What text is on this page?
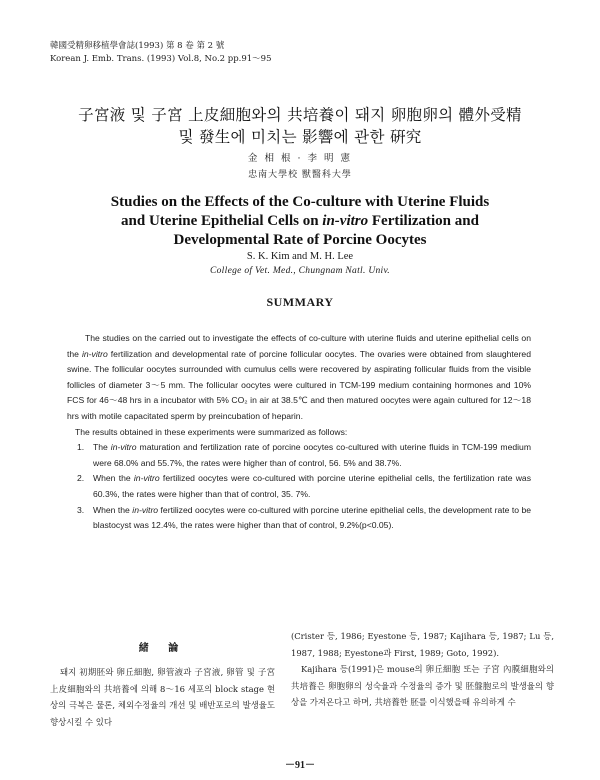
韓國受精卵移植學會誌(1993) 第 8 卷 第 2 號
Korean J. Emb. Trans. (1993) Vol.8, No.2 pp.91～95
子宮液 및 子宮 上皮細胞와의 共培養이 돼지 卵胞卵의 體外受精
및 發生에 미치는 影響에 관한 硏究
金 相 根 · 李 明 憲
忠南大學校 獸醫科大學
Studies on the Effects of the Co-culture with Uterine Fluids
and Uterine Epithelial Cells on in-vitro Fertilization and
Developmental Rate of Porcine Oocytes
S. K. Kim and M. H. Lee
College of Vet. Med., Chungnam Natl. Univ.
SUMMARY

The studies on the carried out to investigate the effects of co-culture with uterine fluids and uterine epithelial cells on the in-vitro fertilization and developmental rate of porcine follicular oocytes. The ovaries were obtained from slaughtered swine. The follicular oocytes surrounded with cumulus cells were recovered by aspirating follicular fluids from the visible follicles of diameter 3～5 mm. The follicular oocytes were cultured in TCM-199 medium containing hormones and 10% FCS for 46～48 hrs in a incubator with 5% CO₂ in air at 38.5℃ and then matured oocytes were again cultured for 12～18 hrs with motile capacitated sperm by preincubation of heparin.

The results obtained in these experiments were summarized as follows:

1. The in-vitro maturation and fertilization rate of porcine oocytes co-cultured with uterine fluids in TCM-199 medium were 68.0% and 55.7%, the rates were higher than of control, 56. 5% and 38.7%.
2. When the in-vitro fertilized oocytes were co-cultured with porcine uterine epithelial cells, the fertilization rate was 60.3%, the rates were higher than that of control, 35. 7%.
3. When the in-vitro fertilized oocytes were co-cultured with porcine uterine epithelial cells, the development rate to be blastocyst was 12.4%, the rates were higher than that of control, 9.2%(p<0.05).
緒 論

돼지 初期胚와 卵丘細胞, 卵管液과 子宮液, 卵管 및 子宮 上皮細胞와의 共培養에 의해 8～16 세포의 block stage 현상의 극복은 물론, 체외수정율의 개선 및 배반포로의 발생율도 향상시킬 수 있다

(Crister 등, 1986; Eyestone 등, 1987; Kajihara 등, 1987; Lu 등, 1987, 1988; Eyestone과 First, 1989; Goto, 1992).

Kajihara 등(1991)은 mouse의 卵丘細胞 또는 子宮 內膜細胞와의 共培養은 卵胞卵의 성숙율과 수정율의 증가 및 胚盤胞로의 발생율의 향상을 가져온다고 하며, 共培養한 胚를 이식했을때 유의하게 수

－91－
